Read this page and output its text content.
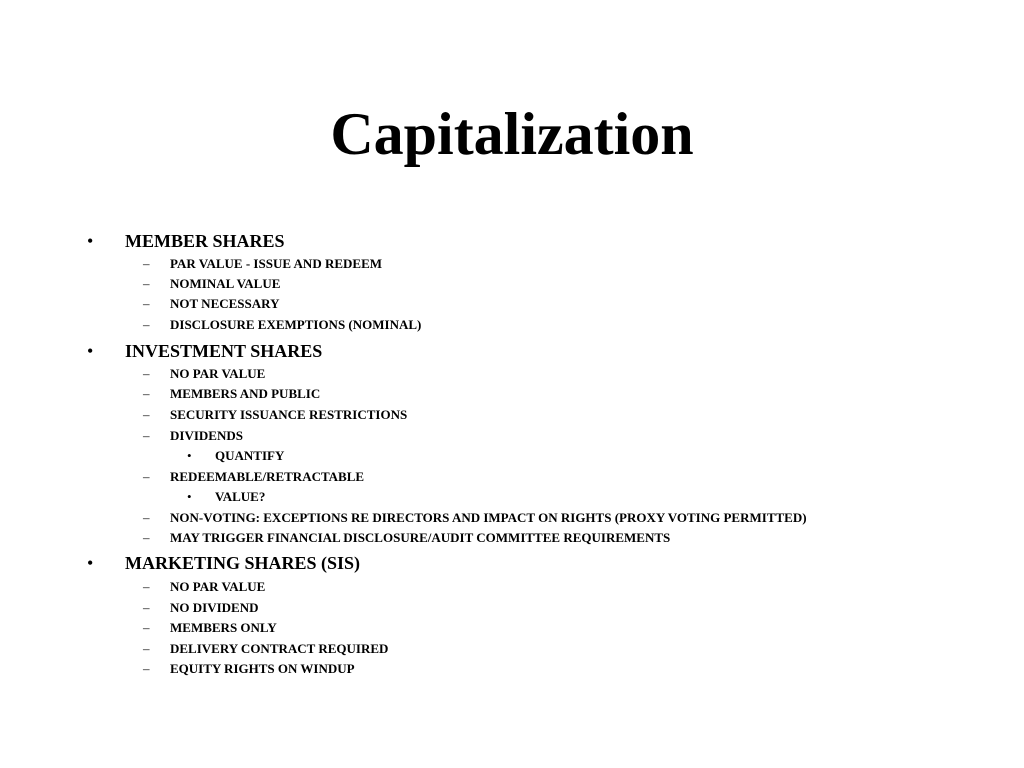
Capitalization
• MEMBER SHARES
– PAR VALUE - ISSUE AND REDEEM
– NOMINAL VALUE
– NOT NECESSARY
– DISCLOSURE EXEMPTIONS (NOMINAL)
• INVESTMENT SHARES
– NO PAR VALUE
– MEMBERS AND PUBLIC
– SECURITY ISSUANCE RESTRICTIONS
– DIVIDENDS
• QUANTIFY
– REDEEMABLE/RETRACTABLE
• VALUE?
– NON-VOTING: EXCEPTIONS RE DIRECTORS AND IMPACT ON RIGHTS (PROXY VOTING PERMITTED)
– MAY TRIGGER FINANCIAL DISCLOSURE/AUDIT COMMITTEE REQUIREMENTS
• MARKETING SHARES (SIS)
– NO PAR VALUE
– NO DIVIDEND
– MEMBERS ONLY
– DELIVERY CONTRACT REQUIRED
– EQUITY RIGHTS ON WINDUP
